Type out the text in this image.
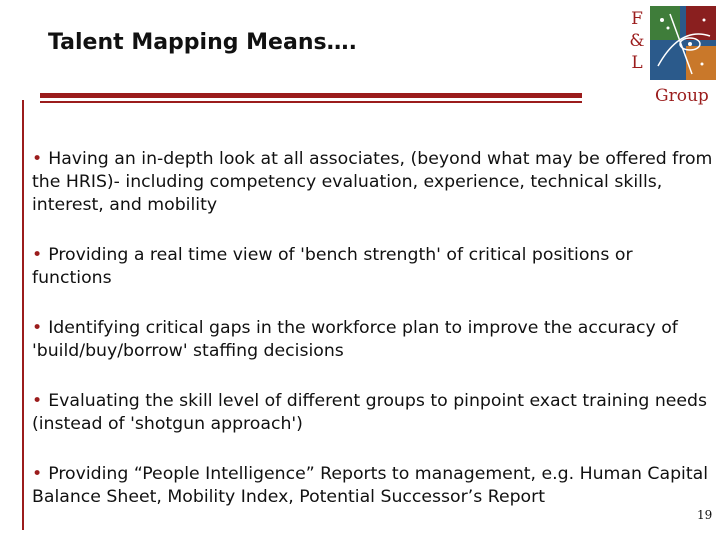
Talent Mapping Means….
F
&
L
Group
• Having an in-depth look at all associates, (beyond what may be offered from the HRIS)- including competency evaluation, experience, technical skills, interest, and mobility
• Providing a real time view of 'bench strength' of critical positions or functions
• Identifying critical gaps in the workforce plan to improve the accuracy of 'build/buy/borrow' staffing decisions
• Evaluating the skill level of different groups to pinpoint exact training needs (instead of 'shotgun approach')
• Providing “People Intelligence” Reports to management, e.g. Human Capital Balance Sheet, Mobility Index, Potential Successor’s Report
19
